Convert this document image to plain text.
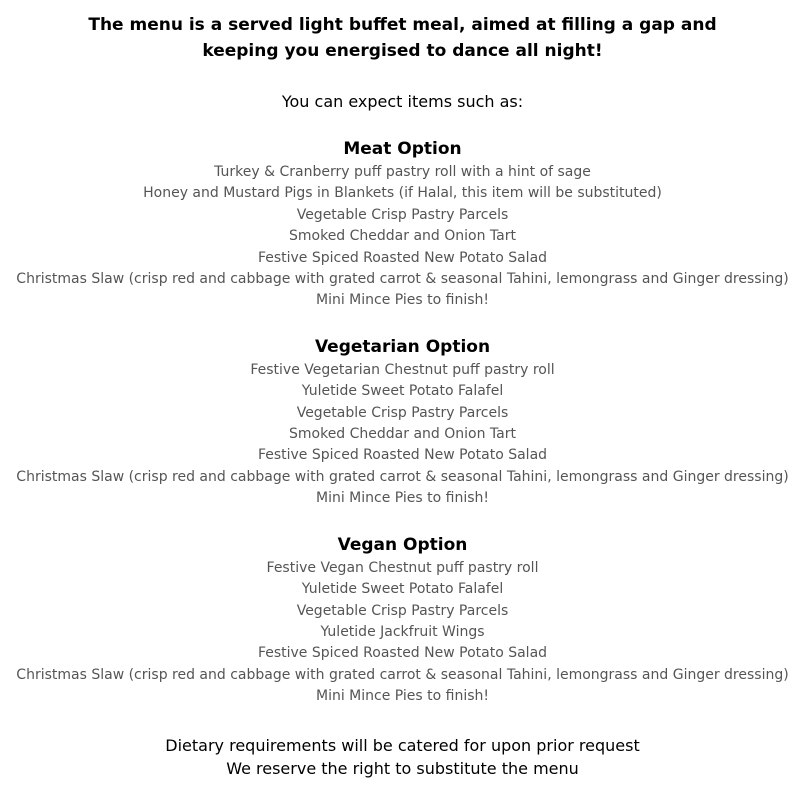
The menu is a served light buffet meal, aimed at filling a gap and keeping you energised to dance all night!
You can expect items such as:
Meat Option
Turkey & Cranberry puff pastry roll with a hint of sage
Honey and Mustard Pigs in Blankets (if Halal, this item will be substituted)
Vegetable Crisp Pastry Parcels
Smoked Cheddar and Onion Tart
Festive Spiced Roasted New Potato Salad
Christmas Slaw (crisp red and cabbage with grated carrot & seasonal Tahini, lemongrass and Ginger dressing)
Mini Mince Pies to finish!
Vegetarian Option
Festive Vegetarian Chestnut puff pastry roll
Yuletide Sweet Potato Falafel
Vegetable Crisp Pastry Parcels
Smoked Cheddar and Onion Tart
Festive Spiced Roasted New Potato Salad
Christmas Slaw (crisp red and cabbage with grated carrot & seasonal Tahini, lemongrass and Ginger dressing)
Mini Mince Pies to finish!
Vegan Option
Festive Vegan Chestnut puff pastry roll
Yuletide Sweet Potato Falafel
Vegetable Crisp Pastry Parcels
Yuletide Jackfruit Wings
Festive Spiced Roasted New Potato Salad
Christmas Slaw (crisp red and cabbage with grated carrot & seasonal Tahini, lemongrass and Ginger dressing)
Mini Mince Pies to finish!
Dietary requirements will be catered for upon prior request
We reserve the right to substitute the menu
